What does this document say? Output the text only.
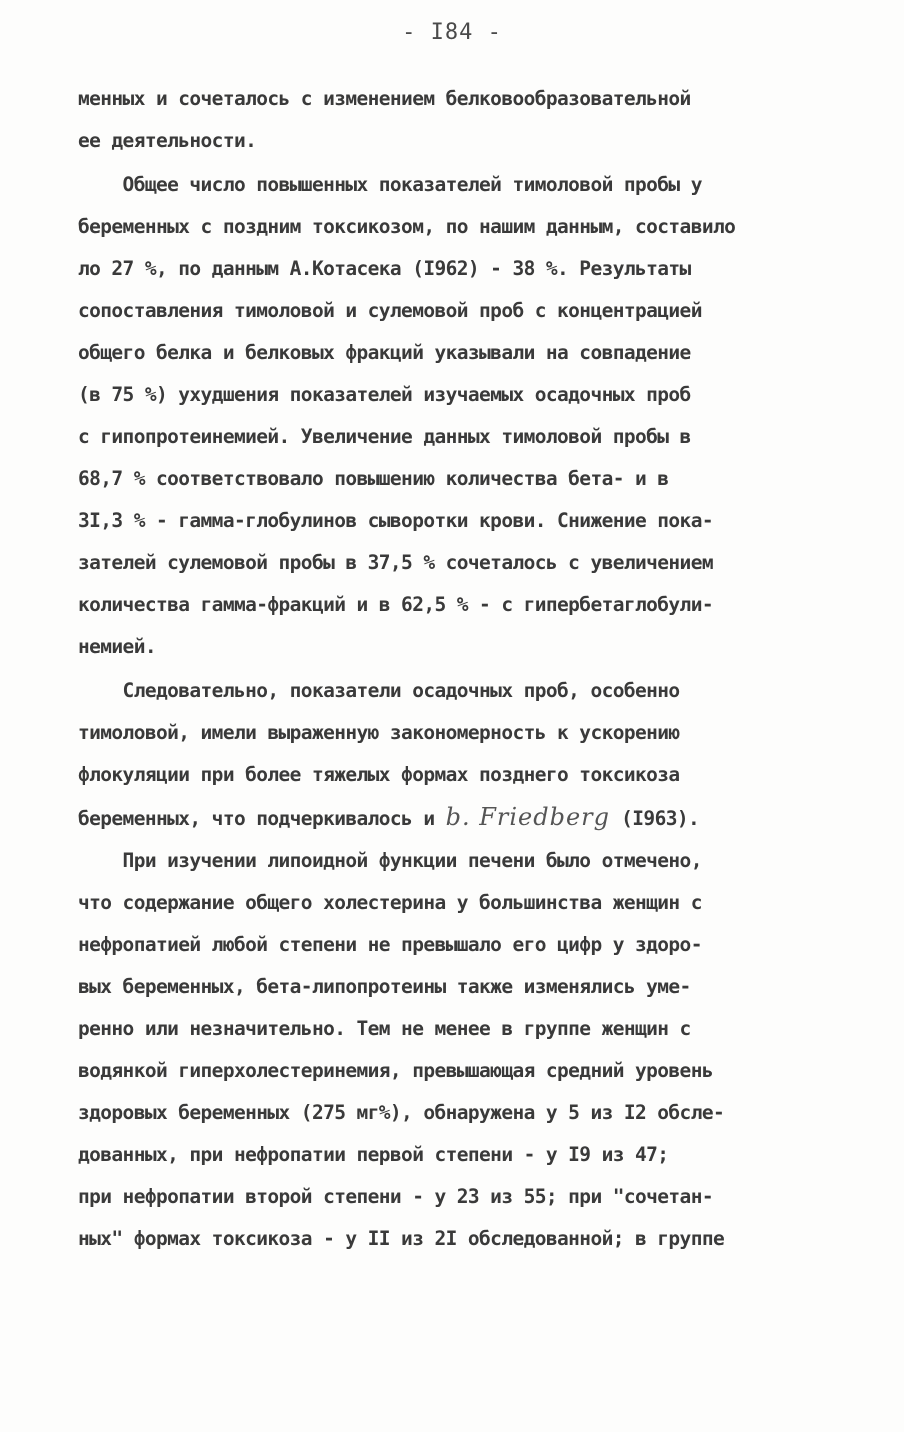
- I84 -
менных и сочеталось с изменением белковообразовательной
ее деятельности.
Общее число повышенных показателей тимоловой пробы у
беременных с поздним токсикозом, по нашим данным, составило
ло 27 %, по данным А.Котасека (I962) - 38 %. Результаты
сопоставления тимоловой и сулемовой проб с концентрацией
общего белка и белковых фракций указывали на совпадение
(в 75 %) ухудшения показателей изучаемых осадочных проб
с гипопротеинемией. Увеличение данных тимоловой пробы в
68,7 % соответствовало повышению количества бета- и в
3I,3 % - гамма-глобулинов сыворотки крови. Снижение пока-
зателей сулемовой пробы в 37,5 % сочеталось с увеличением
количества гамма-фракций и в 62,5 % - с гипербетаглобули-
немией.
Следовательно, показатели осадочных проб, особенно
тимоловой, имели выраженную закономерность к ускорению
флокуляции при более тяжелых формах позднего токсикоза
беременных, что подчеркивалось и b. Friedberg (I963).
При изучении липоидной функции печени было отмечено,
что содержание общего холестерина у большинства женщин с
нефропатией любой степени не превышало его цифр у здоро-
вых беременных, бета-липопротеины также изменялись уме-
ренно или незначительно. Тем не менее в группе женщин с
водянкой гиперхолестеринемия, превышающая средний уровень
здоровых беременных (275 мг%), обнаружена у 5 из I2 обсле-
дованных, при нефропатии первой степени - у I9 из 47;
при нефропатии второй степени - у 23 из 55; при "сочетан-
ных" формах токсикоза - у II из 2I обследованной; в группе
